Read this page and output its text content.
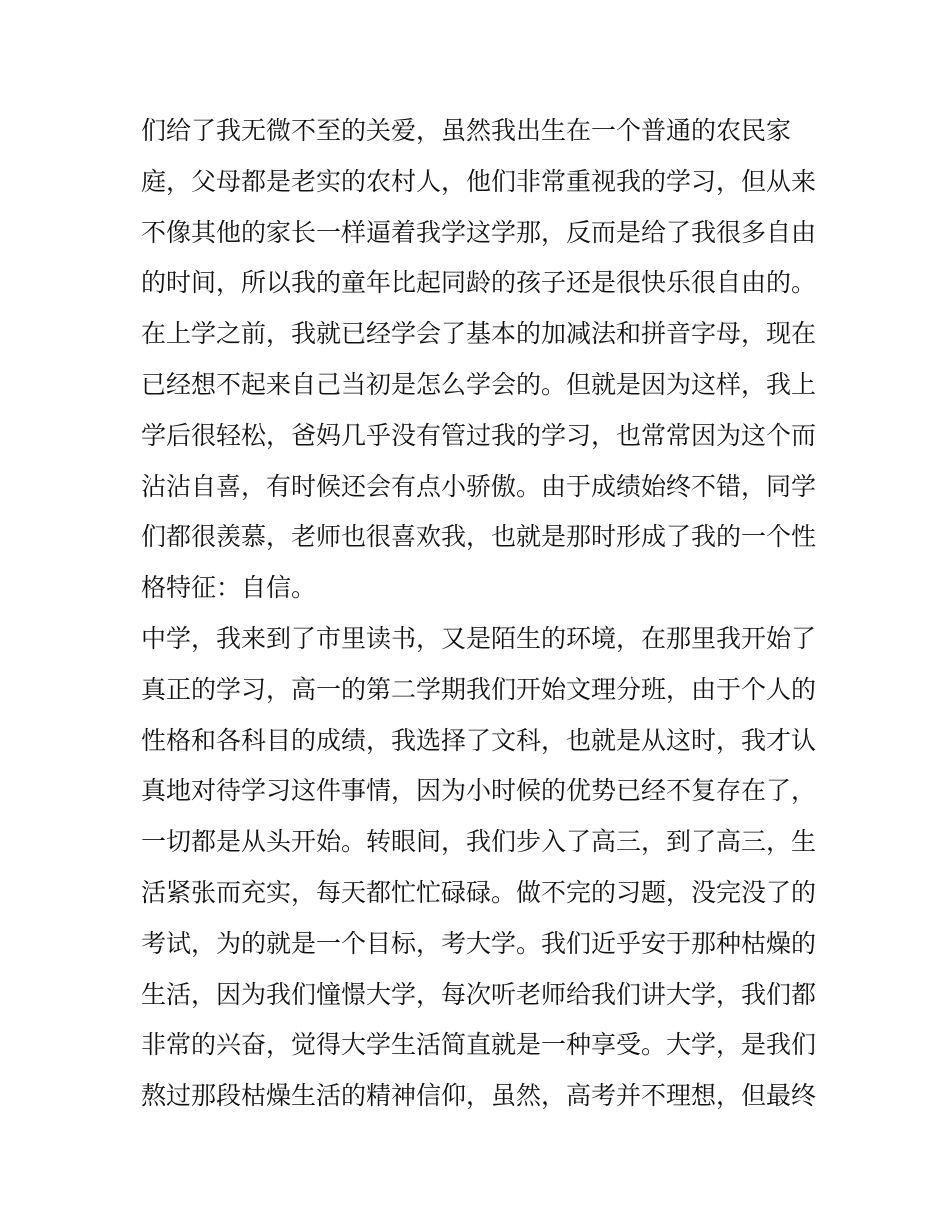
们给了我无微不至的关爱，虽然我出生在一个普通的农民家
庭，父母都是老实的农村人，他们非常重视我的学习，但从来
不像其他的家长一样逼着我学这学那，反而是给了我很多自由
的时间，所以我的童年比起同龄的孩子还是很快乐很自由的。
在上学之前，我就已经学会了基本的加减法和拼音字母，现在
已经想不起来自己当初是怎么学会的。但就是因为这样，我上
学后很轻松，爸妈几乎没有管过我的学习，也常常因为这个而
沾沾自喜，有时候还会有点小骄傲。由于成绩始终不错，同学
们都很羡慕，老师也很喜欢我，也就是那时形成了我的一个性
格特征：自信。
中学，我来到了市里读书，又是陌生的环境，在那里我开始了
真正的学习，高一的第二学期我们开始文理分班，由于个人的
性格和各科目的成绩，我选择了文科，也就是从这时，我才认
真地对待学习这件事情，因为小时候的优势已经不复存在了，
一切都是从头开始。转眼间，我们步入了高三，到了高三，生
活紧张而充实，每天都忙忙碌碌。做不完的习题，没完没了的
考试，为的就是一个目标，考大学。我们近乎安于那种枯燥的
生活，因为我们憧憬大学，每次听老师给我们讲大学，我们都
非常的兴奋，觉得大学生活简直就是一种享受。大学，是我们
熬过那段枯燥生活的精神信仰，虽然，高考并不理想，但最终
